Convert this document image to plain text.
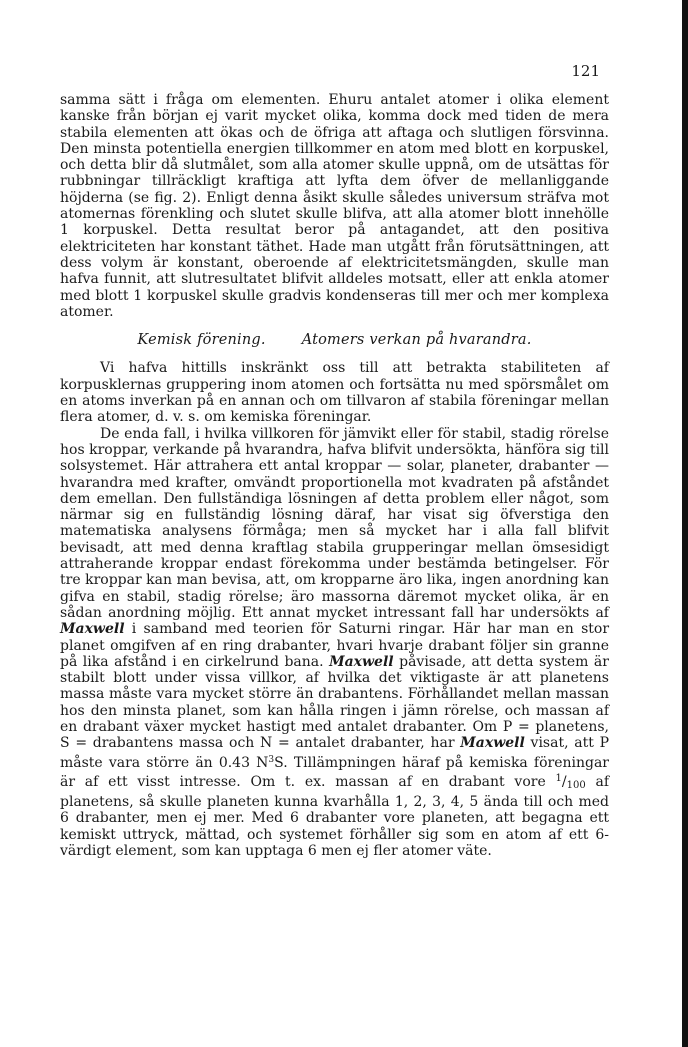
121

samma sätt i fråga om elementen. Ehuru antalet atomer i olika element kanske från början ej varit mycket olika, komma dock med tiden de mera stabila elementen att ökas och de öfriga att aftaga och slutligen försvinna. Den minsta potentiella energien tillkommer en atom med blott en korpuskel, och detta blir då slutmålet, som alla atomer skulle uppnå, om de utsättas för rubbningar tillräckligt kraftiga att lyfta dem öfver de mellanliggande höjderna (se fig. 2). Enligt denna åsikt skulle således universum sträfva mot atomernas förenkling och slutet skulle blifva, att alla atomer blott innehölle 1 korpuskel. Detta resultat beror på antagandet, att den positiva elektriciteten har konstant täthet. Hade man utgått från förutsättningen, att dess volym är konstant, oberoende af elektricitetsmängden, skulle man hafva funnit, att slutresultatet blifvit alldeles motsatt, eller att enkla atomer med blott 1 korpuskel skulle gradvis kondenseras till mer och mer komplexa atomer.

Kemisk förening. Atomers verkan på hvarandra.

Vi hafva hittills inskränkt oss till att betrakta stabiliteten af korpusklernas gruppering inom atomen och fortsätta nu med spörsmålet om en atoms inverkan på en annan och om tillvaron af stabila föreningar mellan flera atomer, d. v. s. om kemiska föreningar.

De enda fall, i hvilka villkoren för jämvikt eller för stabil, stadig rörelse hos kroppar, verkande på hvarandra, hafva blifvit undersökta, hänföra sig till solsystemet. Här attrahera ett antal kroppar — solar, planeter, drabanter — hvarandra med krafter, omvändt proportionella mot kvadraten på afståndet dem emellan. Den fullständiga lösningen af detta problem eller något, som närmar sig en fullständig lösning däraf, har visat sig öfverstiga den matematiska analysens förmåga; men så mycket har i alla fall blifvit bevisadt, att med denna kraftlag stabila grupperingar mellan ömsesidigt attraherande kroppar endast förekomma under bestämda betingelser. För tre kroppar kan man bevisa, att, om kropparne äro lika, ingen anordning kan gifva en stabil, stadig rörelse; äro massorna däremot mycket olika, är en sådan anordning möjlig. Ett annat mycket intressant fall har undersökts af Maxwell i samband med teorien för Saturni ringar. Här har man en stor planet omgifven af en ring drabanter, hvari hvarje drabant följer sin granne på lika afstånd i en cirkelrund bana. Maxwell påvisade, att detta system är stabilt blott under vissa villkor, af hvilka det viktigaste är att planetens massa måste vara mycket större än drabantens. Förhållandet mellan massan hos den minsta planet, som kan hålla ringen i jämn rörelse, och massan af en drabant växer mycket hastigt med antalet drabanter. Om P = planetens, S = drabantens massa och N = antalet drabanter, har Maxwell visat, att P måste vara större än 0.43 $N^3S$. Tillämpningen häraf på kemiska föreningar är af ett visst intresse. Om t. ex. massan af en drabant vore $^1$/100 af planetens, så skulle planeten kunna kvarhålla 1, 2, 3, 4, 5 ända till och med 6 drabanter, men ej mer. Med 6 drabanter vore planeten, att begagna ett kemiskt uttryck, mättad, och systemet förhåller sig som en atom af ett 6-värdigt element, som kan upptaga 6 men ej fler atomer väte.
